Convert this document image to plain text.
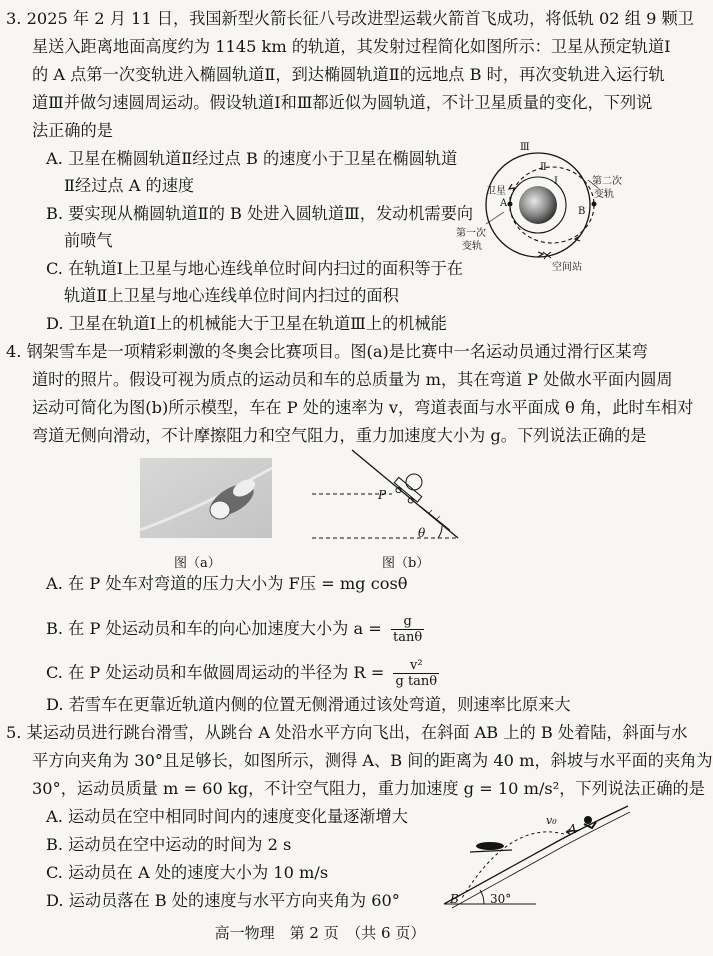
3. 2025 年 2 月 11 日，我国新型火箭长征八号改进型运载火箭首飞成功，将低轨 02 组 9 颗卫
星送入距离地面高度约为 1145 km 的轨道，其发射过程简化如图所示：卫星从预定轨道Ⅰ
的 A 点第一次变轨进入椭圆轨道Ⅱ，到达椭圆轨道Ⅱ的远地点 B 时，再次变轨进入运行轨
道Ⅲ并做匀速圆周运动。假设轨道Ⅰ和Ⅲ都近似为圆轨道，不计卫星质量的变化，下列说
法正确的是
A. 卫星在椭圆轨道Ⅱ经过点 B 的速度小于卫星在椭圆轨道
Ⅱ经过点 A 的速度
B. 要实现从椭圆轨道Ⅱ的 B 处进入圆轨道Ⅲ，发动机需要向
前喷气
C. 在轨道Ⅰ上卫星与地心连线单位时间内扫过的面积等于在
轨道Ⅱ上卫星与地心连线单位时间内扫过的面积
D. 卫星在轨道Ⅰ上的机械能大于卫星在轨道Ⅲ上的机械能
Ⅲ
Ⅱ
Ⅰ
卫星
A
B
第一次
变轨
第二次
变轨
空间站
4. 钢架雪车是一项精彩刺激的冬奥会比赛项目。图(a)是比赛中一名运动员通过滑行区某弯
道时的照片。假设可视为质点的运动员和车的总质量为 m，其在弯道 P 处做水平面内圆周
运动可简化为图(b)所示模型，车在 P 处的速率为 v，弯道表面与水平面成 θ 角，此时车相对
弯道无侧向滑动，不计摩擦阻力和空气阻力，重力加速度大小为 g。下列说法正确的是
图（a）
P
θ
图（b）
A. 在 P 处车对弯道的压力大小为 F压 = mg cosθ
B. 在 P 处运动员和车的向心加速度大小为 $a = \frac{g}{\tan\theta}$
C. 在 P 处运动员和车做圆周运动的半径为 $R = \frac{\text{v²}}{\text{g tanθ}}$
D. 若雪车在更靠近轨道内侧的位置无侧滑通过该处弯道，则速率比原来大
5. 某运动员进行跳台滑雪，从跳台 A 处沿水平方向飞出，在斜面 AB 上的 B 处着陆，斜面与水
平方向夹角为 30°且足够长，如图所示，测得 A、B 间的距离为 40 m，斜坡与水平面的夹角为
30°，运动员质量 m = 60 kg，不计空气阻力，重力加速度 g = 10 m/s²，下列说法正确的是
A. 运动员在空中相同时间内的速度变化量逐渐增大
B. 运动员在空中运动的时间为 2 s
C. 运动员在 A 处的速度大小为 10 m/s
D. 运动员落在 B 处的速度与水平方向夹角为 60°
v₀
A
B	30°
高一物理　第 2 页　（共 6 页）
